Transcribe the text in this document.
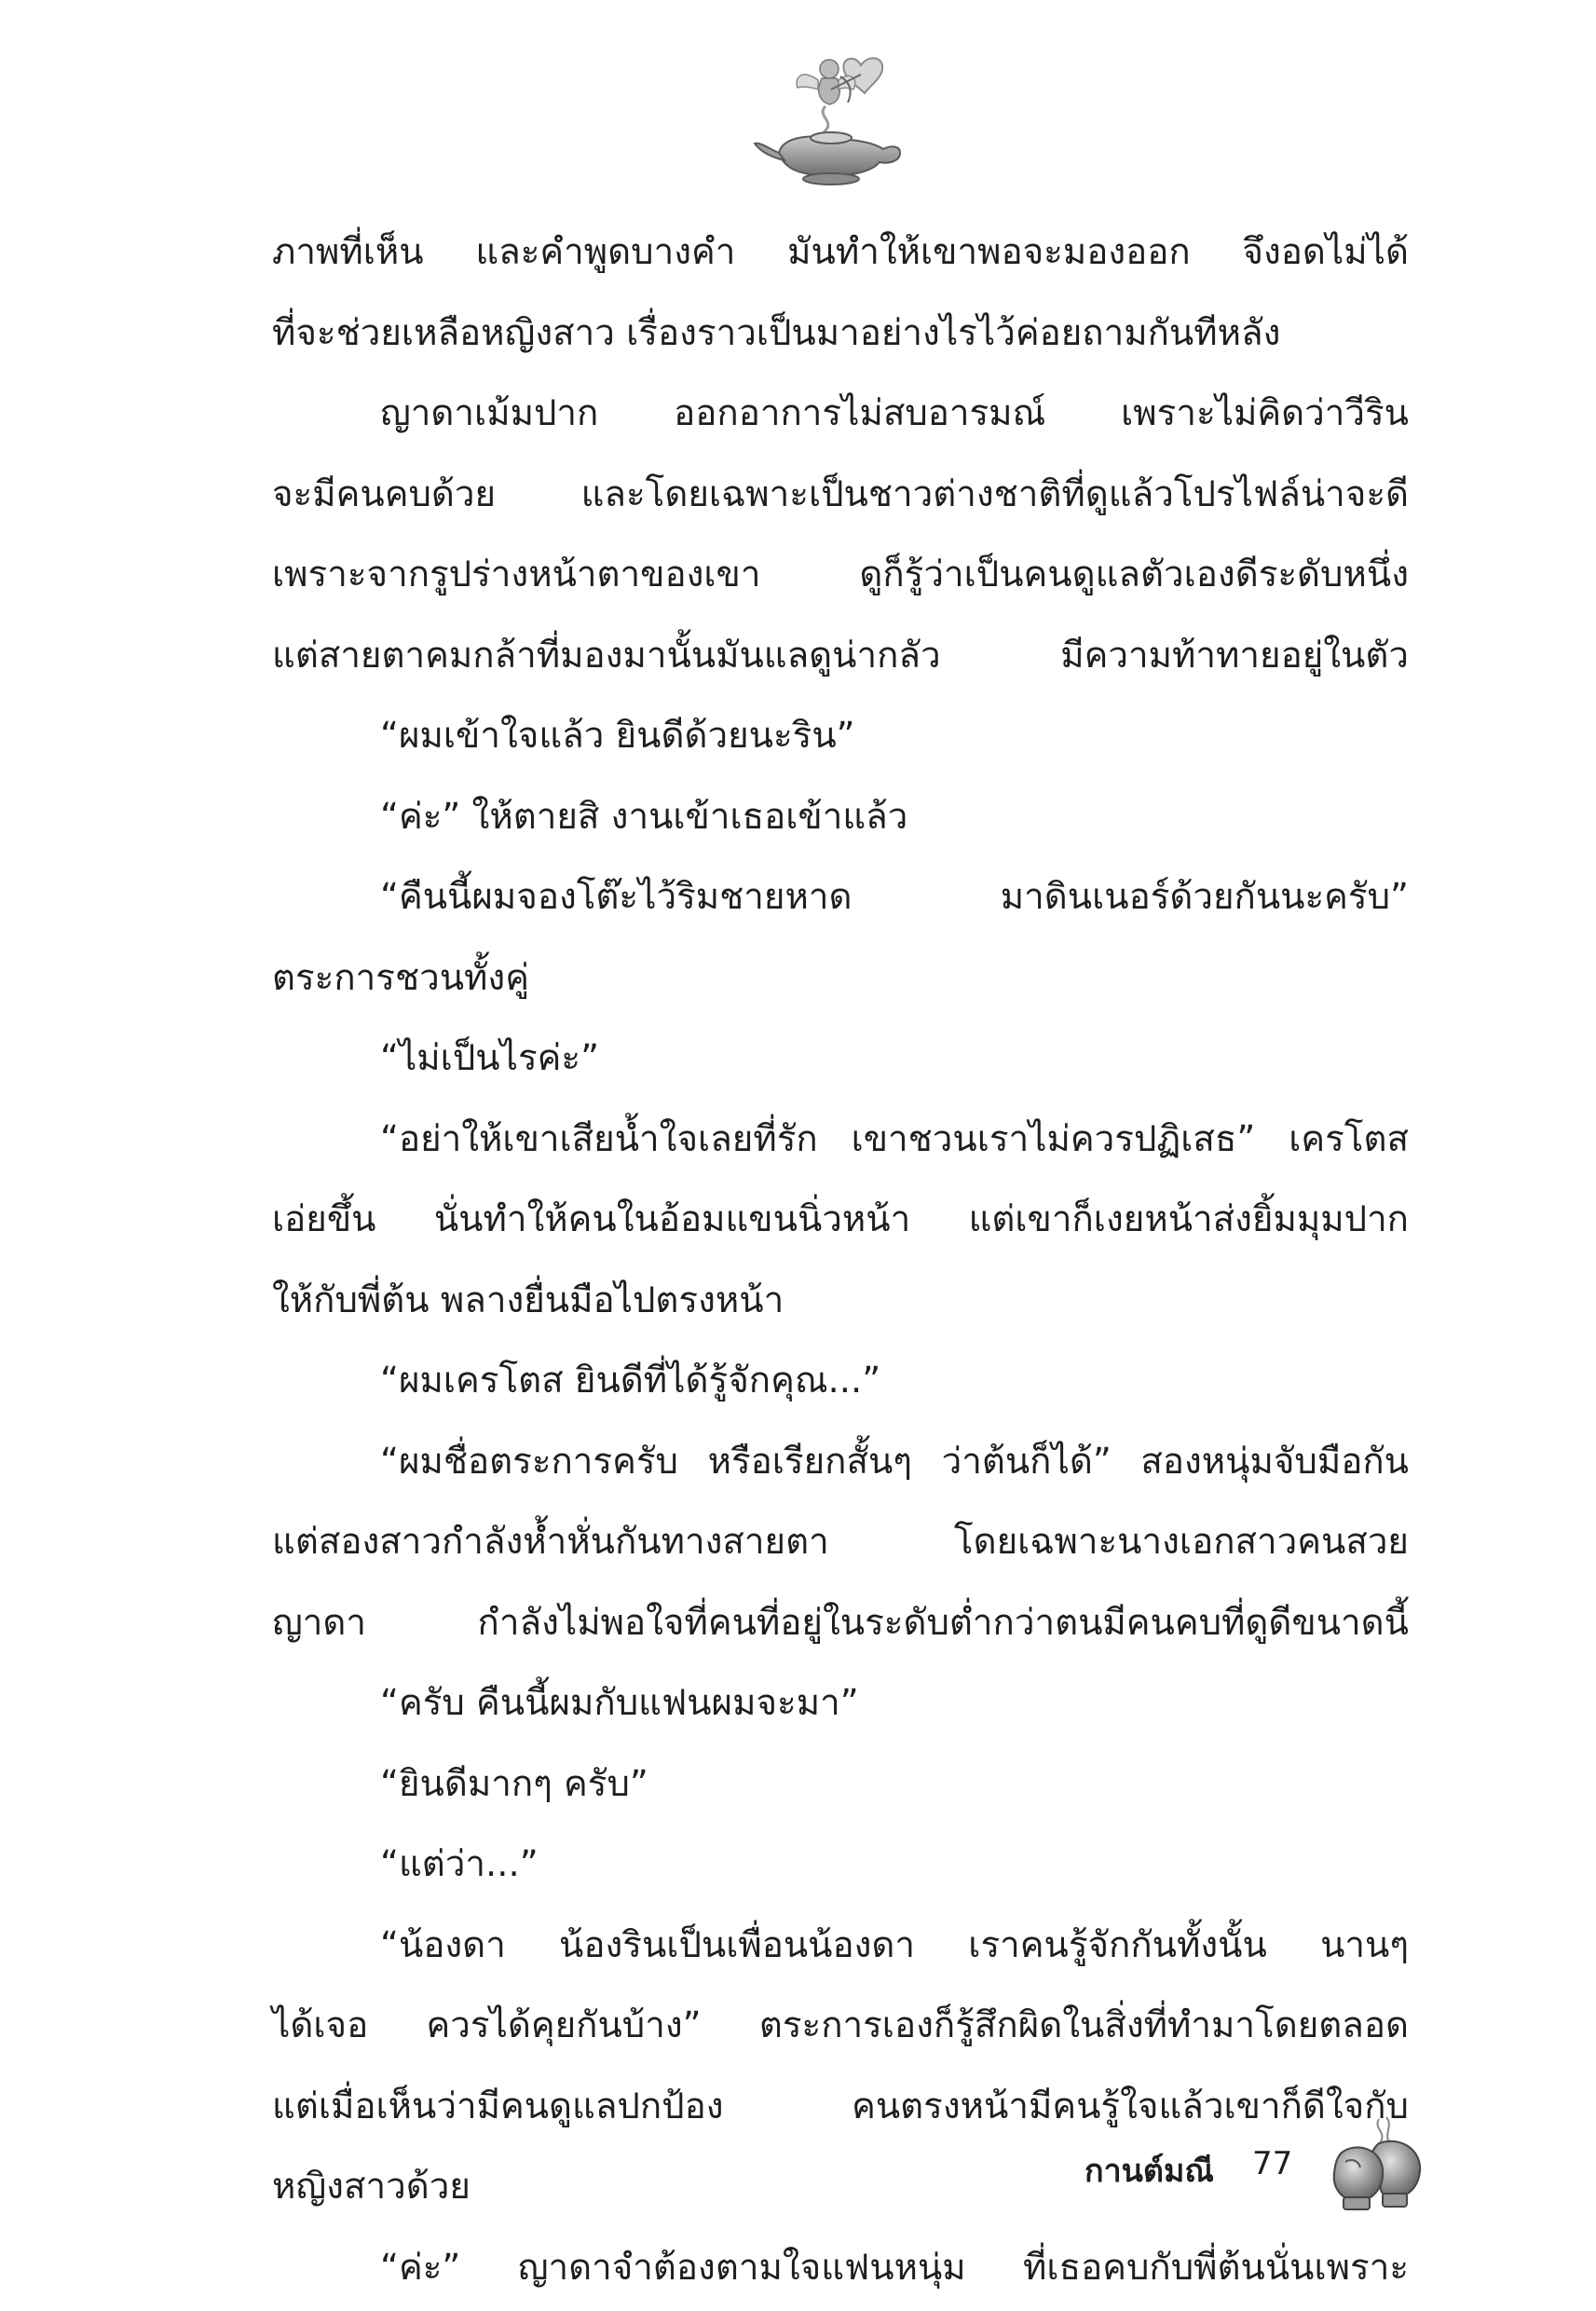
ภาพที่เห็น และคำพูดบางคำ มันทำให้เขาพอจะมองออก จึงอดไม่ได้

ที่จะช่วยเหลือหญิงสาว เรื่องราวเป็นมาอย่างไรไว้ค่อยถามกันทีหลัง

ญาดาเม้มปาก ออกอาการไม่สบอารมณ์ เพราะไม่คิดว่าวีริน

จะมีคนคบด้วย และโดยเฉพาะเป็นชาวต่างชาติที่ดูแล้วโปรไฟล์น่าจะดี

เพราะจากรูปร่างหน้าตาของเขา ดูก็รู้ว่าเป็นคนดูแลตัวเองดีระดับหนึ่ง

แต่สายตาคมกล้าที่มองมานั้นมันแลดูน่ากลัว มีความท้าทายอยู่ในตัว

“ผมเข้าใจแล้ว ยินดีด้วยนะริน”

“ค่ะ” ให้ตายสิ งานเข้าเธอเข้าแล้ว

“คืนนี้ผมจองโต๊ะไว้ริมชายหาด มาดินเนอร์ด้วยกันนะครับ”

ตระการชวนทั้งคู่

“ไม่เป็นไรค่ะ”

“อย่าให้เขาเสียน้ำใจเลยที่รัก เขาชวนเราไม่ควรปฏิเสธ” เครโตส

เอ่ยขึ้น นั่นทำให้คนในอ้อมแขนนิ่วหน้า แต่เขาก็เงยหน้าส่งยิ้มมุมปาก

ให้กับพี่ต้น พลางยื่นมือไปตรงหน้า

“ผมเครโตส ยินดีที่ได้รู้จักคุณ...”

“ผมชื่อตระการครับ หรือเรียกสั้นๆ ว่าต้นก็ได้” สองหนุ่มจับมือกัน

แต่สองสาวกำลังห้ำหั่นกันทางสายตา โดยเฉพาะนางเอกสาวคนสวย

ญาดา กำลังไม่พอใจที่คนที่อยู่ในระดับต่ำกว่าตนมีคนคบที่ดูดีขนาดนี้

“ครับ คืนนี้ผมกับแฟนผมจะมา”

“ยินดีมากๆ ครับ”

“แต่ว่า...”

“น้องดา น้องรินเป็นเพื่อนน้องดา เราคนรู้จักกันทั้งนั้น นานๆ

ได้เจอ ควรได้คุยกันบ้าง” ตระการเองก็รู้สึกผิดในสิ่งที่ทำมาโดยตลอด

แต่เมื่อเห็นว่ามีคนดูแลปกป้อง คนตรงหน้ามีคนรู้ใจแล้วเขาก็ดีใจกับ

หญิงสาวด้วย

“ค่ะ” ญาดาจำต้องตามใจแฟนหนุ่ม ที่เธอคบกับพี่ต้นนั่นเพราะ

กานต์มณี 77
